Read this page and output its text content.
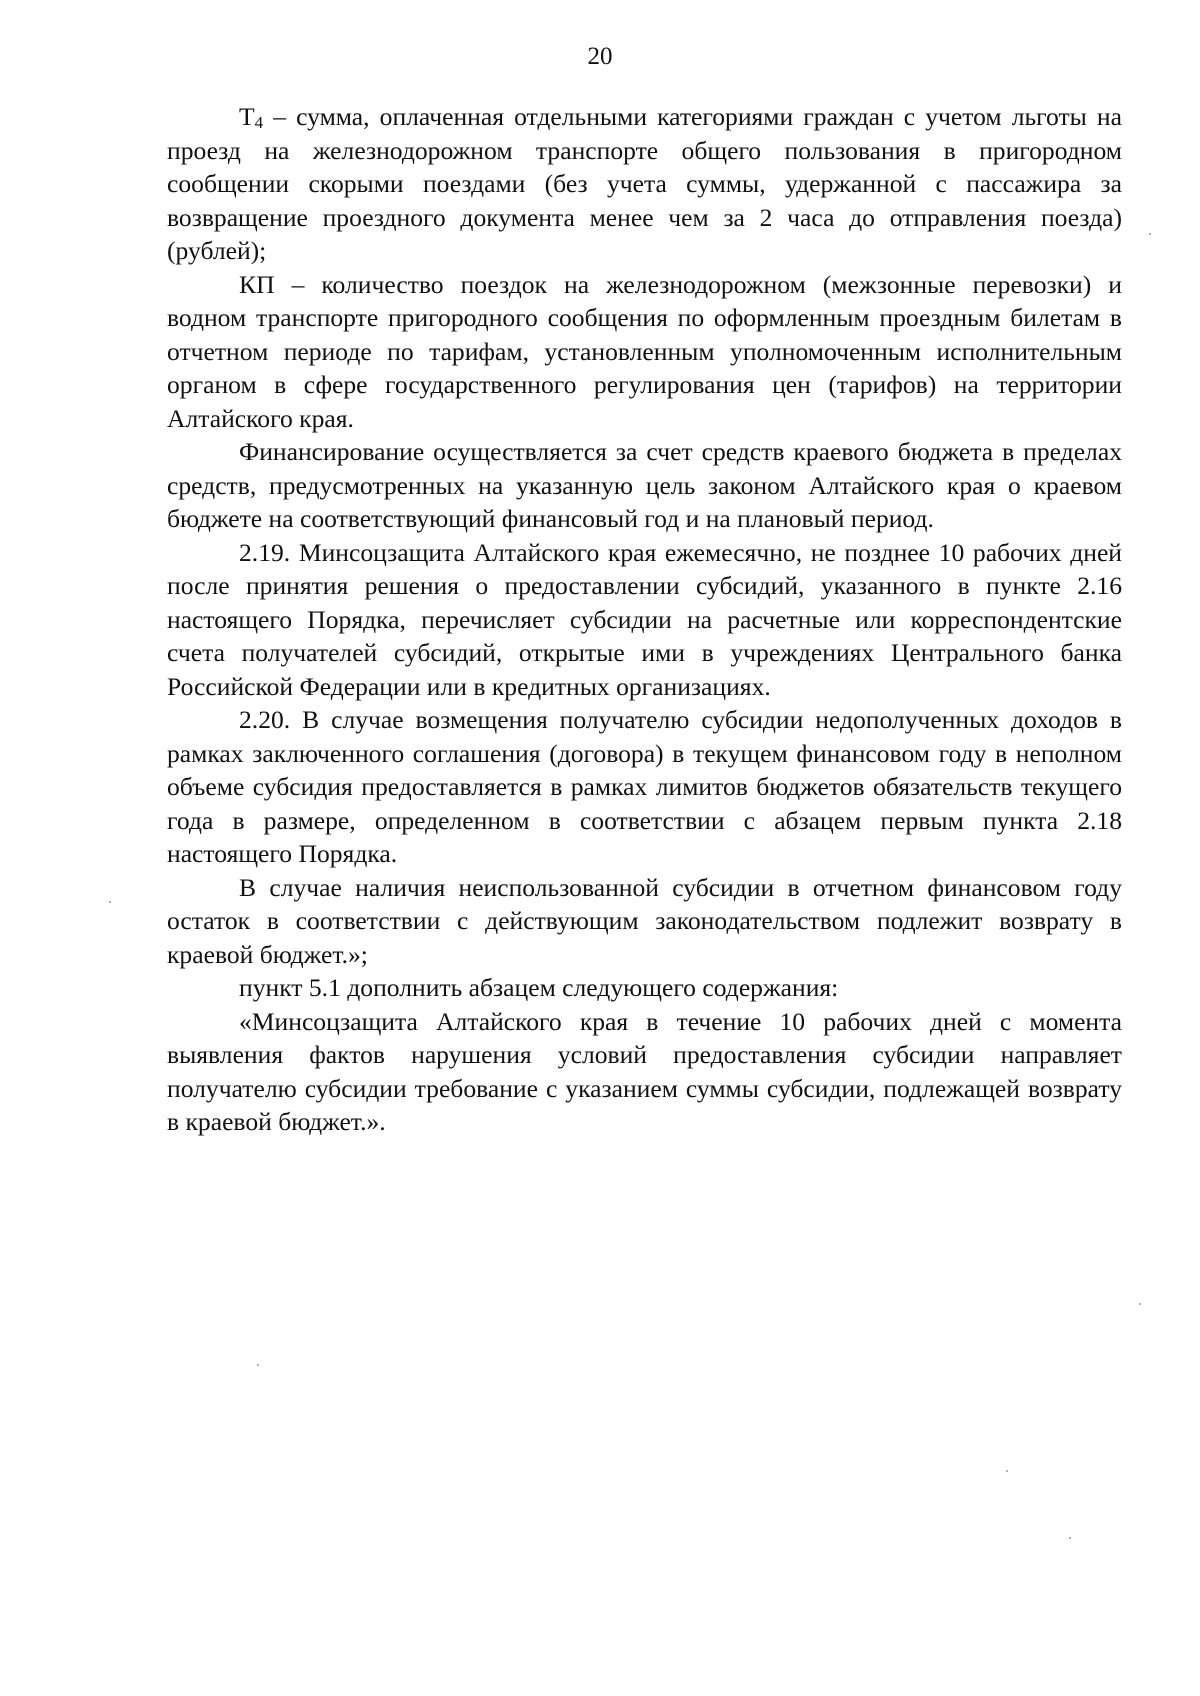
20

$Т_4$ – сумма, оплаченная отдельными категориями граждан с учетом льготы на проезд на железнодорожном транспорте общего пользования в пригородном сообщении скорыми поездами (без учета суммы, удержанной с пассажира за возвращение проездного документа менее чем за 2 часа до отправления поезда) (рублей);

КП – количество поездок на железнодорожном (межзонные перевозки) и водном транспорте пригородного сообщения по оформленным проездным билетам в отчетном периоде по тарифам, установленным уполномоченным исполнительным органом в сфере государственного регулирования цен (тарифов) на территории Алтайского края.

Финансирование осуществляется за счет средств краевого бюджета в пределах средств, предусмотренных на указанную цель законом Алтайского края о краевом бюджете на соответствующий финансовый год и на плановый период.

2.19. Минсоцзащита Алтайского края ежемесячно, не позднее 10 рабочих дней после принятия решения о предоставлении субсидий, указанного в пункте 2.16 настоящего Порядка, перечисляет субсидии на расчетные или корреспондентские счета получателей субсидий, открытые ими в учреждениях Центрального банка Российской Федерации или в кредитных организациях.

2.20. В случае возмещения получателю субсидии недополученных доходов в рамках заключенного соглашения (договора) в текущем финансовом году в неполном объеме субсидия предоставляется в рамках лимитов бюджетов обязательств текущего года в размере, определенном в соответствии с абзацем первым пункта 2.18 настоящего Порядка.

В случае наличия неиспользованной субсидии в отчетном финансовом году остаток в соответствии с действующим законодательством подлежит возврату в краевой бюджет.»;

пункт 5.1 дополнить абзацем следующего содержания:

«Минсоцзащита Алтайского края в течение 10 рабочих дней с момента выявления фактов нарушения условий предоставления субсидии направляет получателю субсидии требование с указанием суммы субсидии, подлежащей возврату в краевой бюджет.».
